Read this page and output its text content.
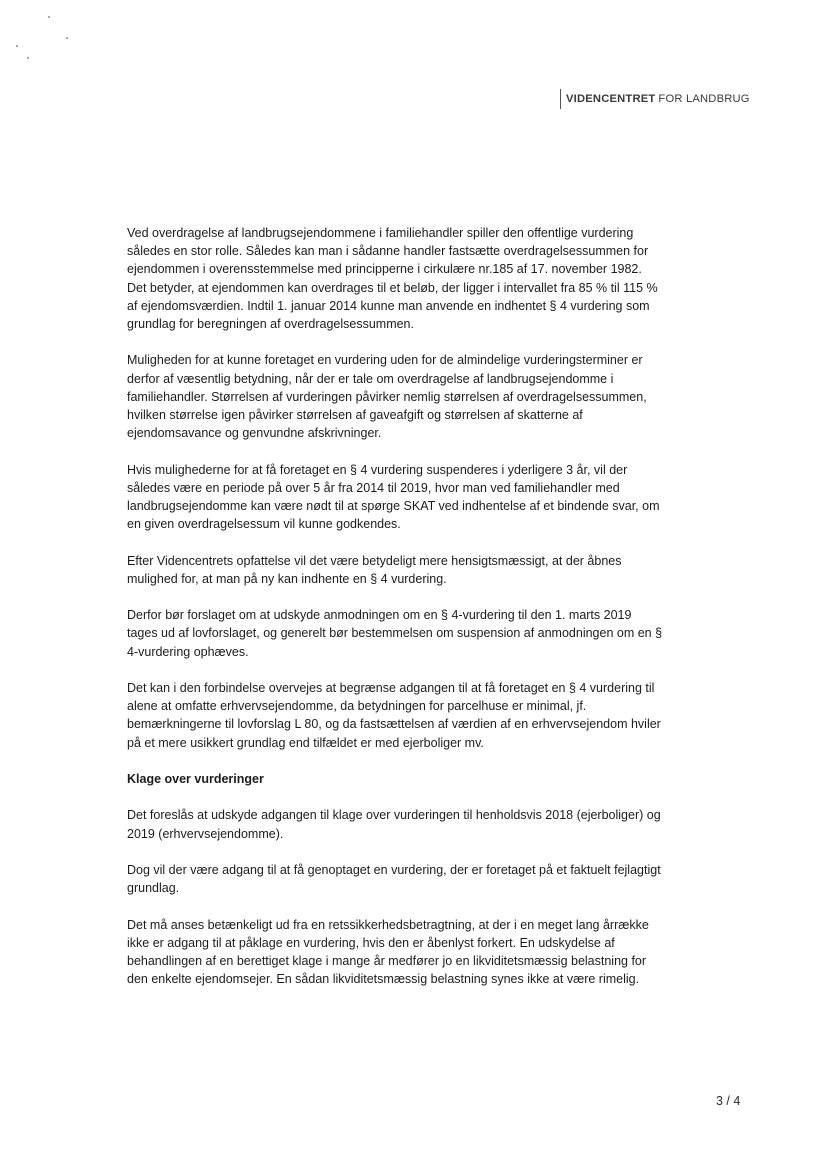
VIDENCENTRET FOR LANDBRUG

Ved overdragelse af landbrugsejendommene i familiehandler spiller den offentlige vurdering således en stor rolle. Således kan man i sådanne handler fastsætte overdragelsessummen for ejendommen i overensstemmelse med principperne i cirkulære nr.185 af 17. november 1982. Det betyder, at ejendommen kan overdrages til et beløb, der ligger i intervallet fra 85 % til 115 % af ejendomsværdien. Indtil 1. januar 2014 kunne man anvende en indhentet § 4 vurdering som grundlag for beregningen af overdragelsessummen.

Muligheden for at kunne foretaget en vurdering uden for de almindelige vurderingsterminer er derfor af væsentlig betydning, når der er tale om overdragelse af landbrugsejendomme i familiehandler. Størrelsen af vurderingen påvirker nemlig størrelsen af overdragelsessummen, hvilken størrelse igen påvirker størrelsen af gaveafgift og størrelsen af skatterne af ejendomsavance og genvundne afskrivninger.

Hvis mulighederne for at få foretaget en § 4 vurdering suspenderes i yderligere 3 år, vil der således være en periode på over 5 år fra 2014 til 2019, hvor man ved familiehandler med landbrugsejendomme kan være nødt til at spørge SKAT ved indhentelse af et bindende svar, om en given overdragelsessum vil kunne godkendes.

Efter Videncentrets opfattelse vil det være betydeligt mere hensigtsmæssigt, at der åbnes mulighed for, at man på ny kan indhente en § 4 vurdering.

Derfor bør forslaget om at udskyde anmodningen om en § 4-vurdering til den 1. marts 2019 tages ud af lovforslaget, og generelt bør bestemmelsen om suspension af anmodningen om en § 4-vurdering ophæves.

Det kan i den forbindelse overvejes at begrænse adgangen til at få foretaget en § 4 vurdering til alene at omfatte erhvervsejendomme, da betydningen for parcelhuse er minimal, jf. bemærkningerne til lovforslag L 80, og da fastsættelsen af værdien af en erhvervsejendom hviler på et mere usikkert grundlag end tilfældet er med ejerboliger mv.

Klage over vurderinger

Det foreslås at udskyde adgangen til klage over vurderingen til henholdsvis 2018 (ejerboliger) og 2019 (erhvervsejendomme).

Dog vil der være adgang til at få genoptaget en vurdering, der er foretaget på et faktuelt fejlagtigt grundlag.

Det må anses betænkeligt ud fra en retssikkerhedsbetragtning, at der i en meget lang årrække ikke er adgang til at påklage en vurdering, hvis den er åbenlyst forkert. En udskydelse af behandlingen af en berettiget klage i mange år medfører jo en likviditetsmæssig belastning for den enkelte ejendomsejer. En sådan likviditetsmæssig belastning synes ikke at være rimelig.

3 / 4
